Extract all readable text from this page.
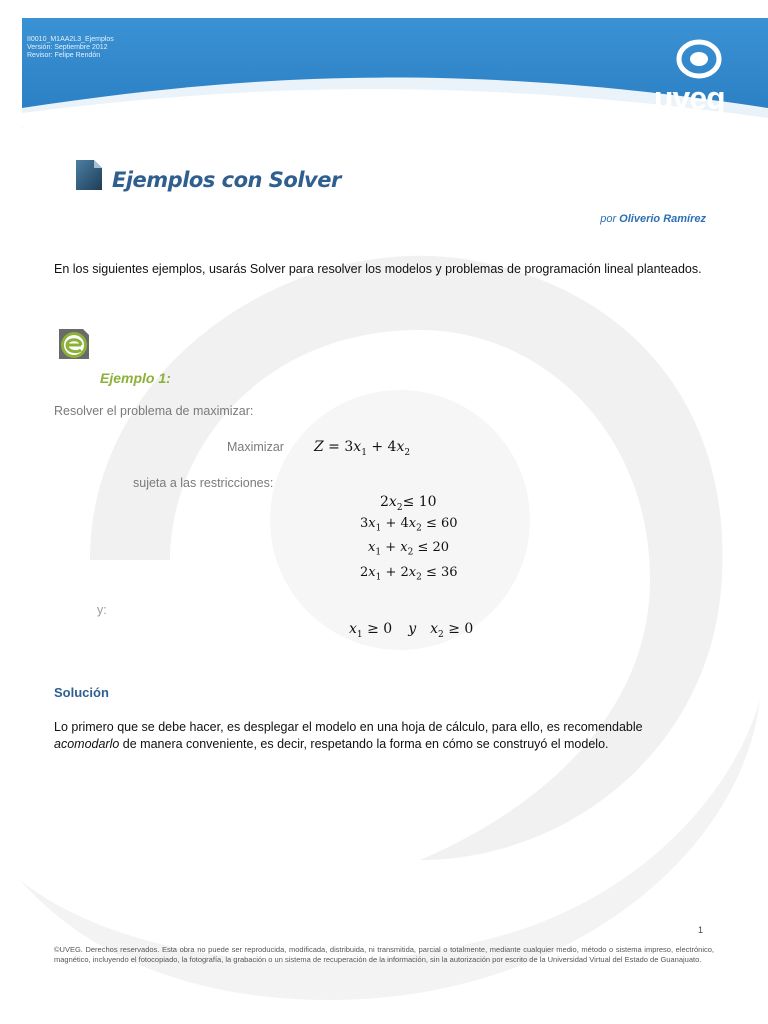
II0010_M1AA2L3_Ejemplos
Versión: Septiembre 2012
Revisor: Felipe Rendón
uveg
universidad virtual del estado de guanajuato
Ejemplos con Solver
por Oliverio Ramírez
En los siguientes ejemplos, usarás Solver para resolver los modelos y problemas de programación lineal planteados.
Ejemplo 1:
Resolver el problema de maximizar:
Maximizar $Z = 3x_1 + 4x_2$
sujeta a las restricciones:
$2x_2\le 10$
$3x_1 + 4x_2 \le 60$
$x_1 + x_2 \le 20$
$2x_1 + 2x_2 \le 36$
y:
$x_1 \ge 0$ y $x_2 \ge 0$
Solución
Lo primero que se debe hacer, es desplegar el modelo en una hoja de cálculo, para ello, es recomendable
acomodarlo de manera conveniente, es decir, respetando la forma en cómo se construyó el modelo.
1
©UVEG. Derechos reservados. Esta obra no puede ser reproducida, modificada, distribuida, ni transmitida, parcial o totalmente, mediante cualquier medio, método o sistema impreso, electrónico, magnético, incluyendo el fotocopiado, la fotografía, la grabación o un sistema de recuperación de la información, sin la autorización por escrito de la Universidad Virtual del Estado de Guanajuato.
